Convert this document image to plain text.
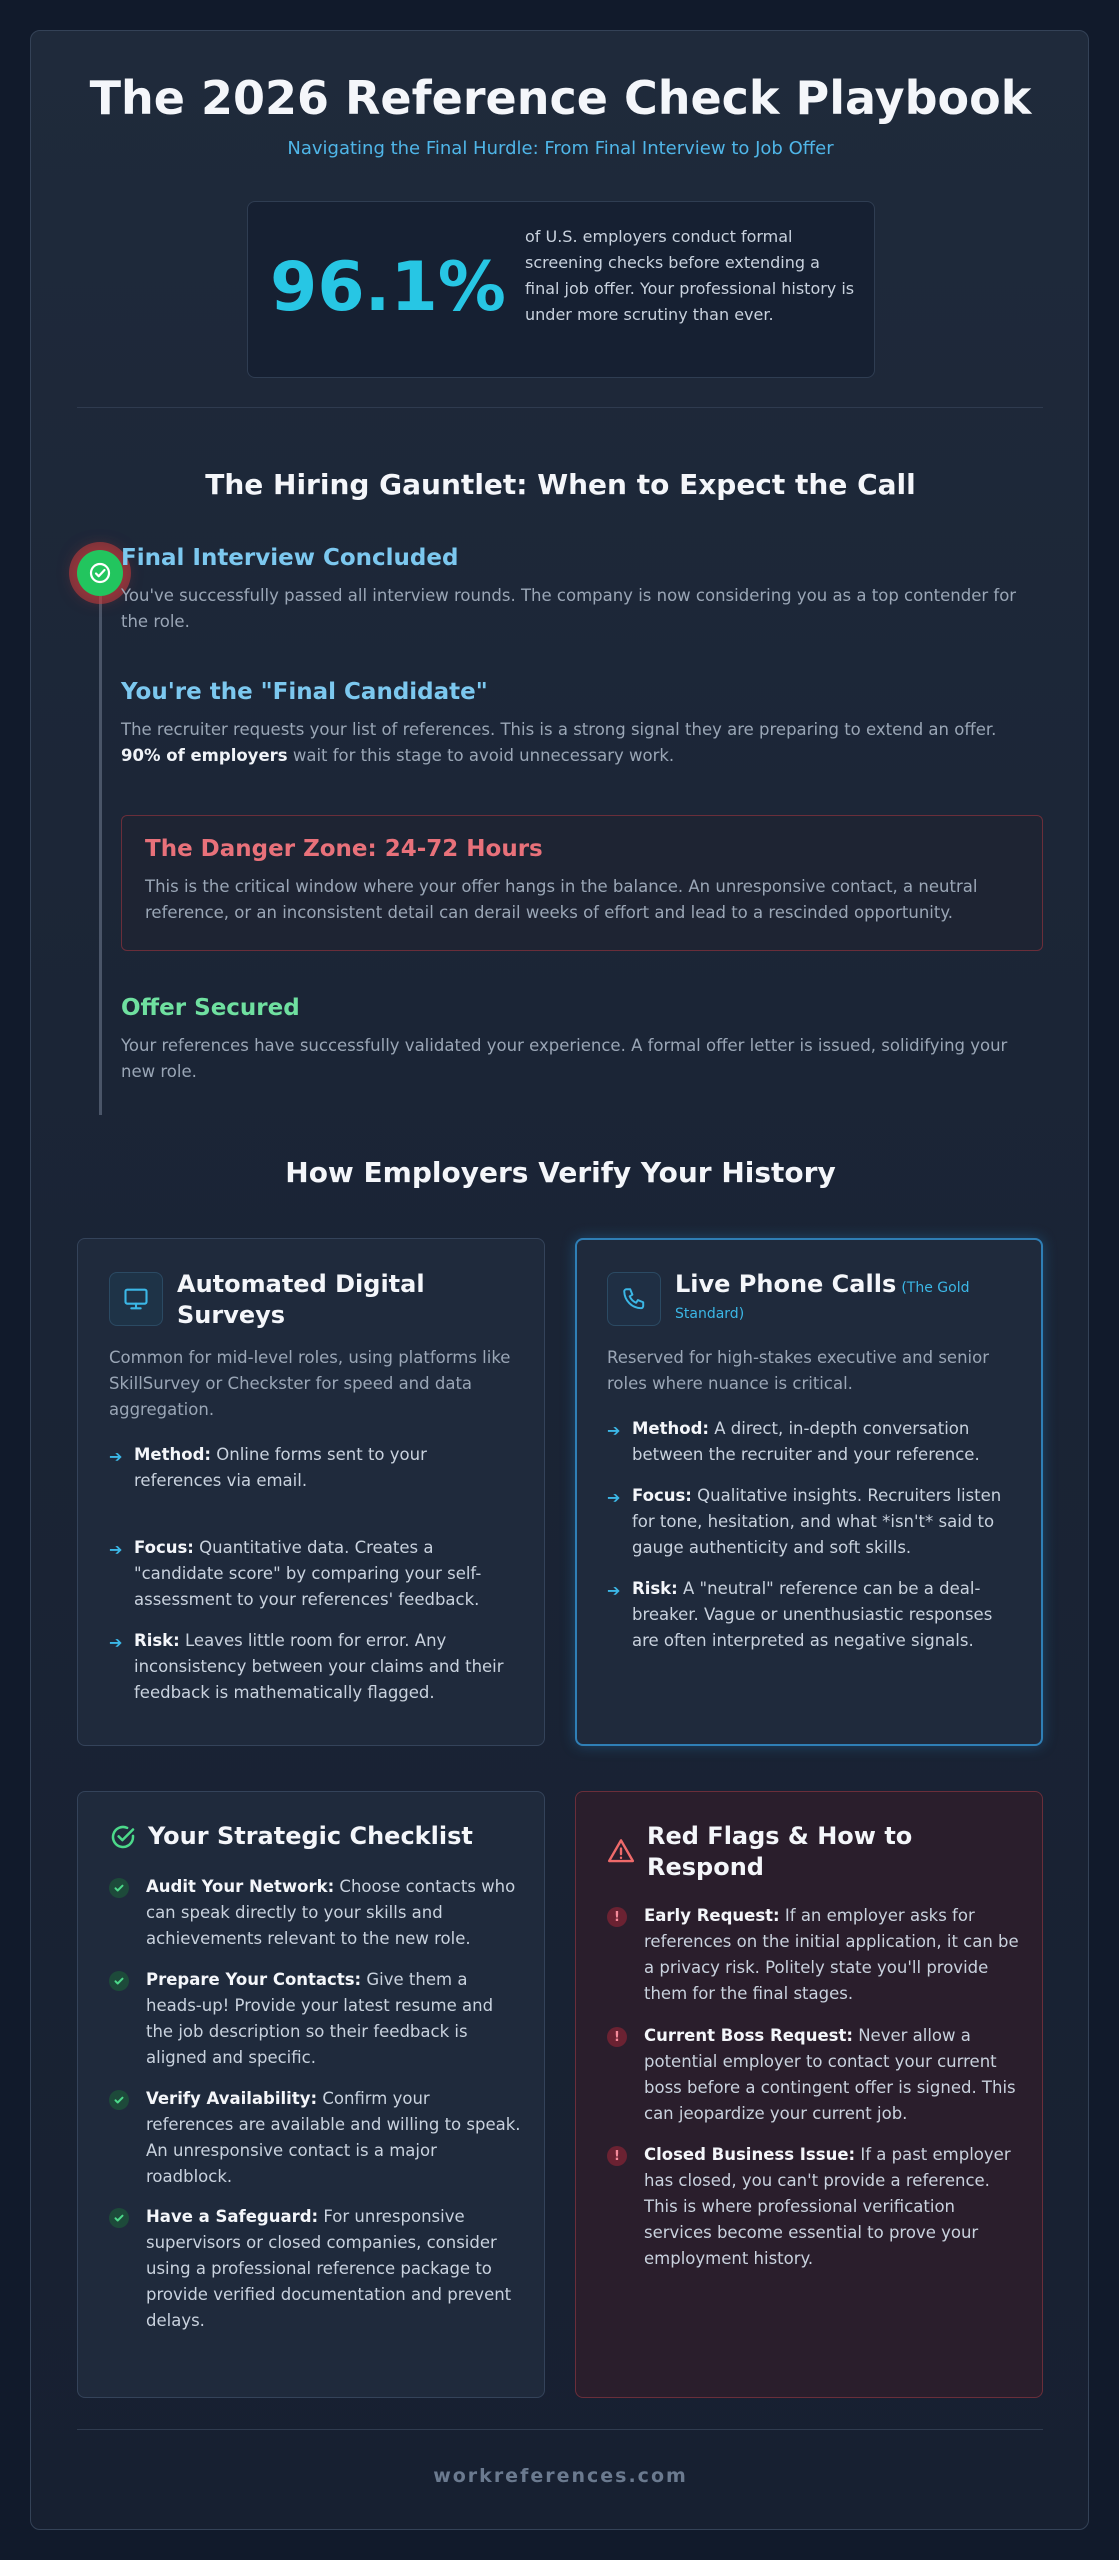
The 2026 Reference Check Playbook
Navigating the Final Hurdle: From Final Interview to Job Offer
96.1%
of U.S. employers conduct formal screening checks before extending a final job offer. Your professional history is under more scrutiny than ever.
The Hiring Gauntlet: When to Expect the Call
Final Interview Concluded
You've successfully passed all interview rounds. The company is now considering you as a top contender for the role.
You're the "Final Candidate"
The recruiter requests your list of references. This is a strong signal they are preparing to extend an offer.
90% of employers wait for this stage to avoid unnecessary work.
The Danger Zone: 24-72 Hours
This is the critical window where your offer hangs in the balance. An unresponsive contact, a neutral reference, or an inconsistent detail can derail weeks of effort and lead to a rescinded opportunity.
Offer Secured
Your references have successfully validated your experience. A formal offer letter is issued, solidifying your new role.
How Employers Verify Your History
Automated Digital Surveys
Common for mid-level roles, using platforms like SkillSurvey or Checkster for speed and data aggregation.
➔ Method: Online forms sent to your references via email.
➔ Focus: Quantitative data. Creates a "candidate score" by comparing your self-assessment to your references' feedback.
➔ Risk: Leaves little room for error. Any inconsistency between your claims and their feedback is mathematically flagged.
Live Phone Calls (The Gold Standard)
Reserved for high-stakes executive and senior roles where nuance is critical.
➔ Method: A direct, in-depth conversation between the recruiter and your reference.
➔ Focus: Qualitative insights. Recruiters listen for tone, hesitation, and what *isn't* said to gauge authenticity and soft skills.
➔ Risk: A "neutral" reference can be a deal-breaker. Vague or unenthusiastic responses are often interpreted as negative signals.
Your Strategic Checklist
Audit Your Network: Choose contacts who can speak directly to your skills and achievements relevant to the new role.
Prepare Your Contacts: Give them a heads-up! Provide your latest resume and the job description so their feedback is aligned and specific.
Verify Availability: Confirm your references are available and willing to speak. An unresponsive contact is a major roadblock.
Have a Safeguard: For unresponsive supervisors or closed companies, consider using a professional reference package to provide verified documentation and prevent delays.
Red Flags & How to Respond
!	Early Request: If an employer asks for references on the initial application, it can be a privacy risk. Politely state you'll provide them for the final stages.
!	Current Boss Request: Never allow a potential employer to contact your current boss before a contingent offer is signed. This can jeopardize your current job.
!	Closed Business Issue: If a past employer has closed, you can't provide a reference. This is where professional verification services become essential to prove your employment history.
workreferences.com
